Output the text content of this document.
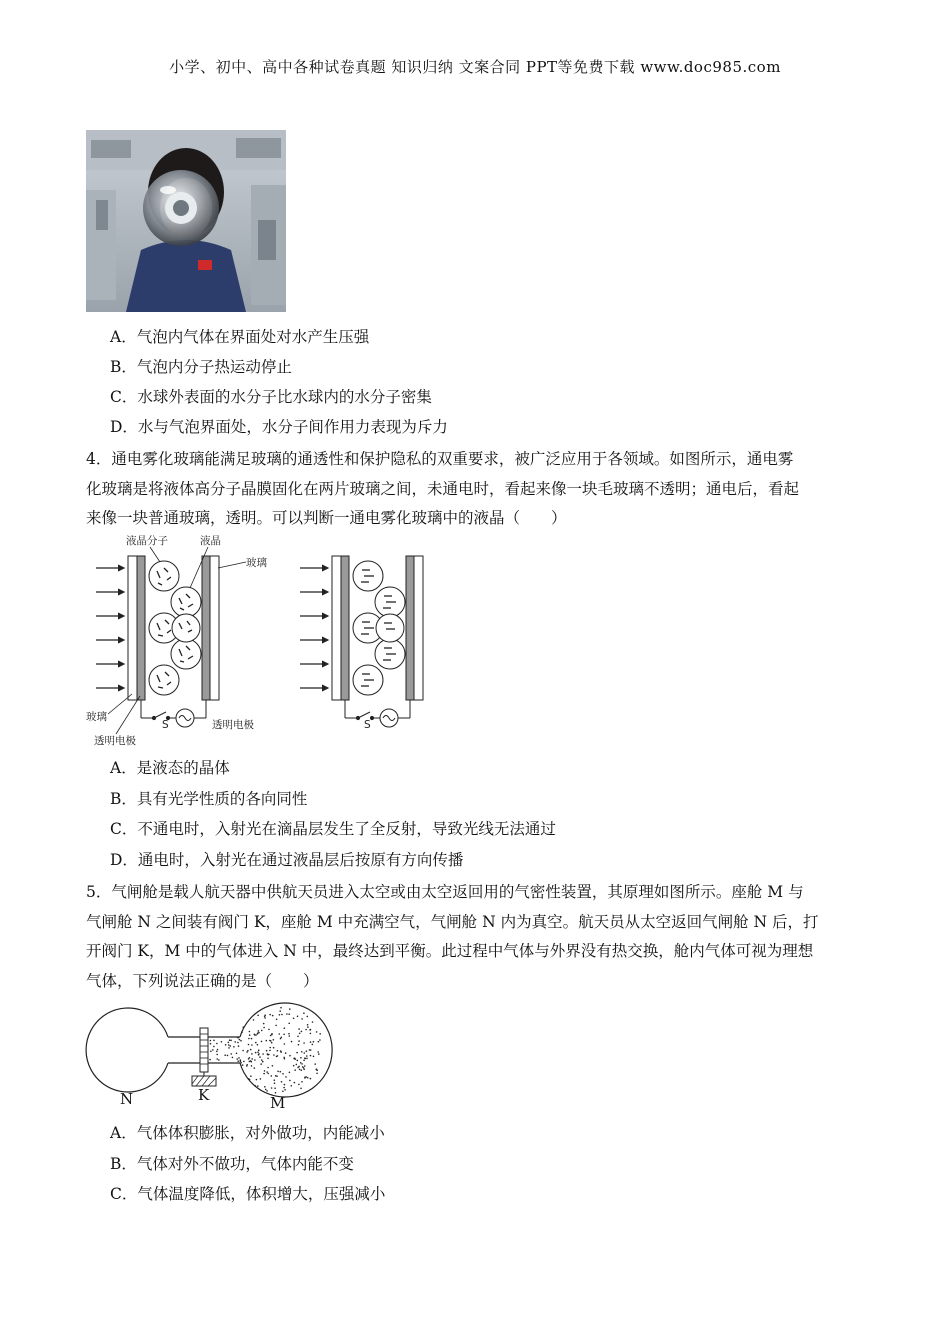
小学、初中、高中各种试卷真题 知识归纳 文案合同 PPT等免费下载 www.doc985.com
A．气泡内气体在界面处对水产生压强
B．气泡内分子热运动停止
C．水球外表面的水分子比水球内的水分子密集
D．水与气泡界面处，水分子间作用力表现为斥力
4．通电雾化玻璃能满足玻璃的通透性和保护隐私的双重要求，被广泛应用于各领域。如图所示，通电雾
化玻璃是将液体高分子晶膜固化在两片玻璃之间，未通电时，看起来像一块毛玻璃不透明；通电后，看起
来像一块普通玻璃，透明。可以判断一通电雾化玻璃中的液晶（　　）
S
液晶分子	液晶
玻璃
玻璃
透明电极
透明电极	S
A．是液态的晶体
B．具有光学性质的各向同性
C．不通电时，入射光在滴晶层发生了全反射，导致光线无法通过
D．通电时，入射光在通过液晶层后按原有方向传播
5．气闸舱是载人航天器中供航天员进入太空或由太空返回用的气密性装置，其原理如图所示。座舱 M 与
气闸舱 N 之间装有阀门 K，座舱 M 中充满空气，气闸舱 N 内为真空。航天员从太空返回气闸舱 N 后，打
开阀门 K，M 中的气体进入 N 中，最终达到平衡。此过程中气体与外界没有热交换，舱内气体可视为理想
气体，下列说法正确的是（　　）
N	K	M
A．气体体积膨胀，对外做功，内能减小
B．气体对外不做功，气体内能不变
C．气体温度降低，体积增大，压强减小
